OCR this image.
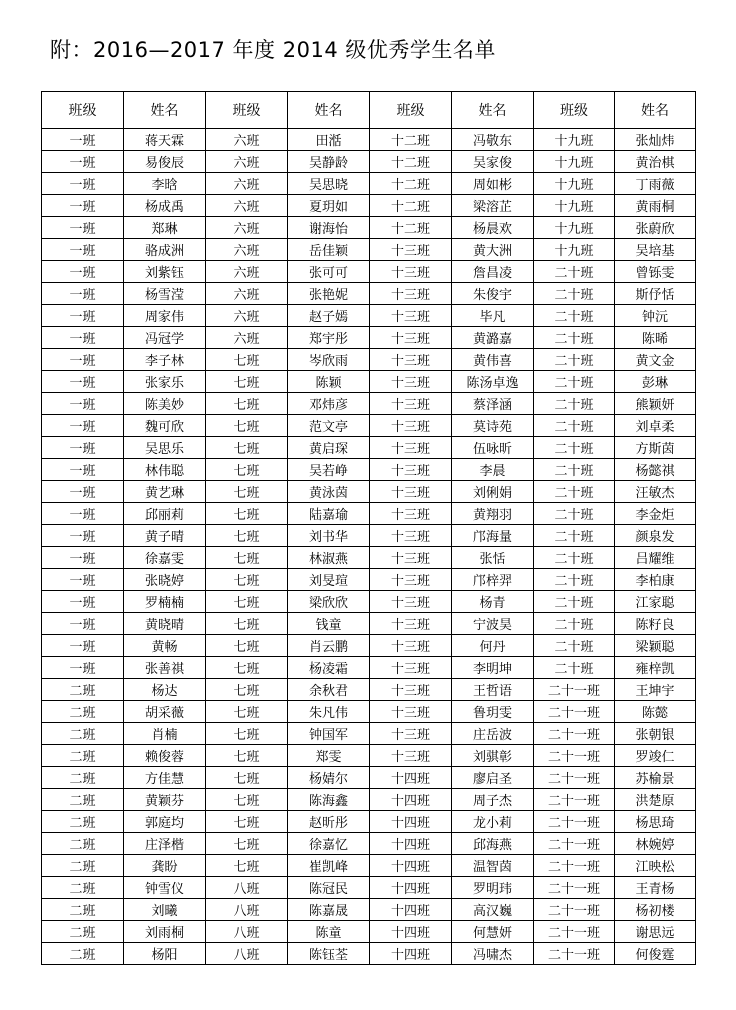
附：2016—2017 年度 2014 级优秀学生名单
班级	姓名	班级	姓名	班级	姓名	班级	姓名
一班	蒋天霖	六班	田湉	十二班	冯敬东	十九班	张灿炜
一班	易俊辰	六班	吴静龄	十二班	吴家俊	十九班	黄治棋
一班	李晗	六班	吴思晓	十二班	周如彬	十九班	丁雨薇
一班	杨成禹	六班	夏玥如	十二班	梁溶芷	十九班	黄雨桐
一班	郑琳	六班	谢海怡	十二班	杨晨欢	十九班	张蔚欣
一班	骆成洲	六班	岳佳颖	十三班	黄大洲	十九班	吴培基
一班	刘紫钰	六班	张可可	十三班	詹昌凌	二十班	曾铄雯
一班	杨雪滢	六班	张艳妮	十三班	朱俊宇	二十班	斯伃恬
一班	周家伟	六班	赵子嫣	十三班	毕凡	二十班	钟沅
一班	冯冠学	六班	郑宇彤	十三班	黄潞嘉	二十班	陈晞
一班	李子林	七班	岑欣雨	十三班	黄伟喜	二十班	黄文金
一班	张家乐	七班	陈颖	十三班	陈汤卓逸	二十班	彭琳
一班	陈美妙	七班	邓炜彦	十三班	蔡泽涵	二十班	熊颖妍
一班	魏可欣	七班	范文亭	十三班	莫诗苑	二十班	刘卓柔
一班	吴思乐	七班	黄启琛	十三班	伍咏昕	二十班	方斯茵
一班	林伟聪	七班	吴若峥	十三班	李晨	二十班	杨懿祺
一班	黄艺琳	七班	黄泳茵	十三班	刘俐娟	二十班	汪敏杰
一班	邱丽莉	七班	陆嘉瑜	十三班	黄翔羽	二十班	李金炬
一班	黄子晴	七班	刘书华	十三班	邝海量	二十班	颜泉发
一班	徐嘉雯	七班	林淑燕	十三班	张恬	二十班	吕耀维
一班	张晓婷	七班	刘旻瑄	十三班	邝梓羿	二十班	李柏康
一班	罗楠楠	七班	梁欣欣	十三班	杨青	二十班	江家聪
一班	黄晓晴	七班	钱童	十三班	宁波昊	二十班	陈籽良
一班	黄畅	七班	肖云鹏	十三班	何丹	二十班	梁颖聪
一班	张善祺	七班	杨凌霜	十三班	李明坤	二十班	雍梓凯
二班	杨达	七班	余秋君	十三班	王哲语	二十一班	王坤宇
二班	胡采薇	七班	朱凡伟	十三班	鲁玥雯	二十一班	陈懿
二班	肖楠	七班	钟国军	十三班	庄岳波	二十一班	张朝银
二班	赖俊蓉	七班	郑雯	十三班	刘骐彰	二十一班	罗竣仁
二班	方佳慧	七班	杨婧尔	十四班	廖启圣	二十一班	苏榆景
二班	黄颖芬	七班	陈海鑫	十四班	周子杰	二十一班	洪楚原
二班	郭庭均	七班	赵昕彤	十四班	龙小莉	二十一班	杨思琦
二班	庄泽楷	七班	徐嘉忆	十四班	邱海燕	二十一班	林婉婷
二班	龚盼	七班	崔凯峰	十四班	温智茵	二十一班	江映松
二班	钟雪仪	八班	陈冠民	十四班	罗明玮	二十一班	王青杨
二班	刘曦	八班	陈嘉晟	十四班	高汉巍	二十一班	杨初楼
二班	刘雨桐	八班	陈童	十四班	何慧妍	二十一班	谢思远
二班	杨阳	八班	陈钰荃	十四班	冯啸杰	二十一班	何俊霆
